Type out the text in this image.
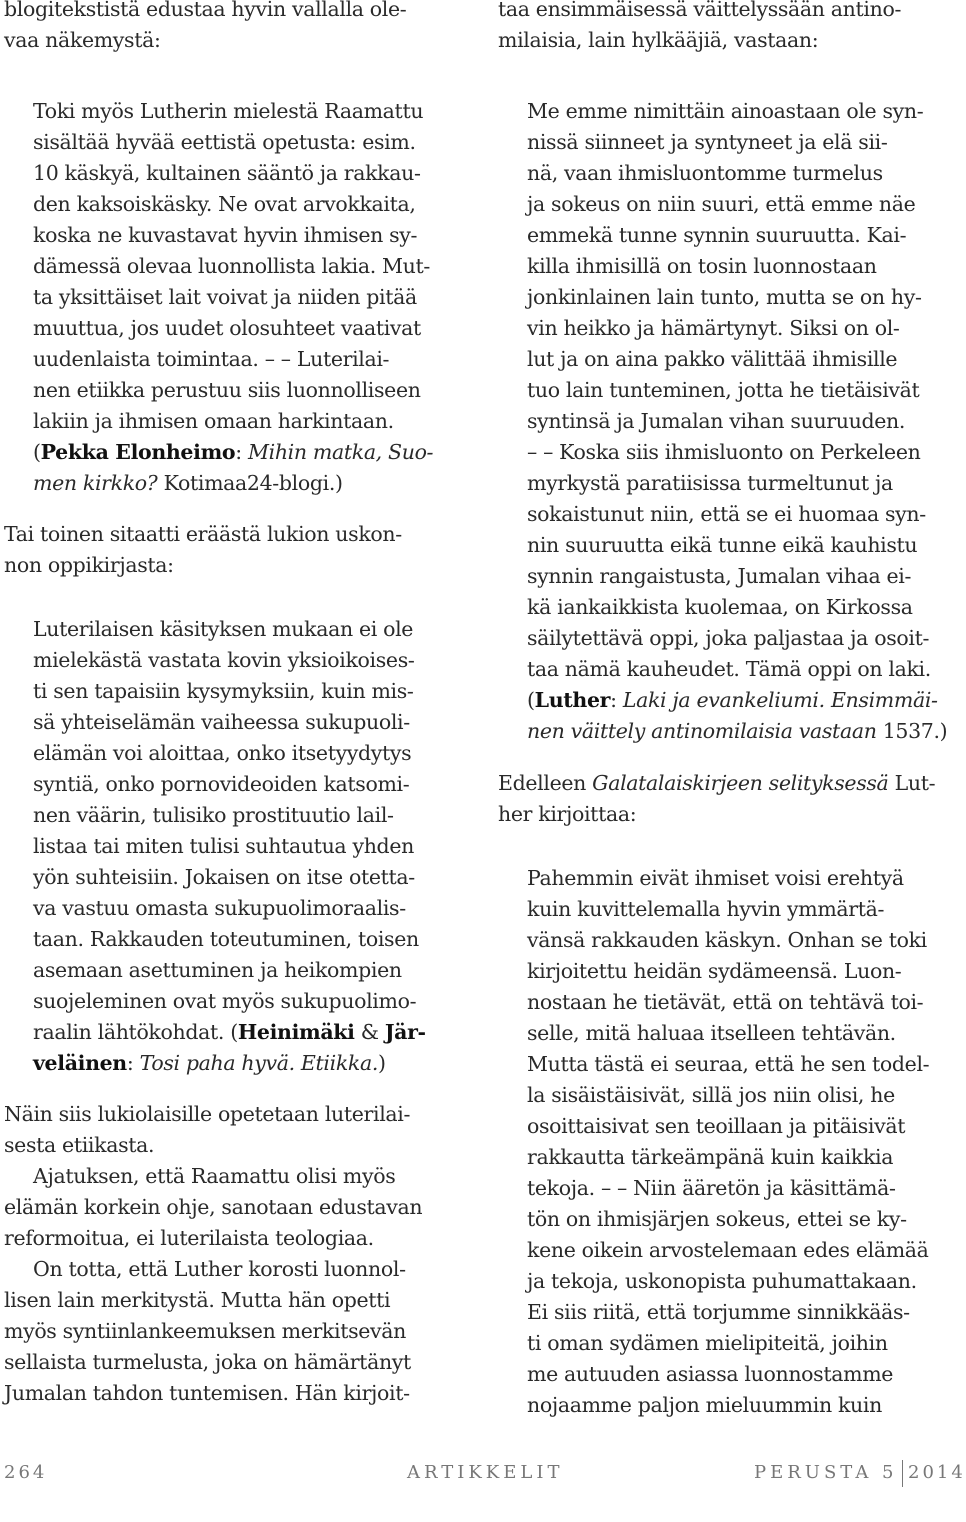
blogitekstistä edustaa hyvin vallalla ole-
vaa näkemystä:
Toki myös Lutherin mielestä Raamattu
sisältää hyvää eettistä opetusta: esim.
10 käskyä, kultainen sääntö ja rakkau-
den kaksoiskäsky. Ne ovat arvokkaita,
koska ne kuvastavat hyvin ihmisen sy-
dämessä olevaa luonnollista lakia. Mut-
ta yksittäiset lait voivat ja niiden pitää
muuttua, jos uudet olosuhteet vaativat
uudenlaista toimintaa. – – Luterilai-
nen etiikka perustuu siis luonnolliseen
lakiin ja ihmisen omaan harkintaan.
(Pekka Elonheimo: Mihin matka, Suo-
men kirkko? Kotimaa24-blogi.)
Tai toinen sitaatti eräästä lukion uskon-
non oppikirjasta:
Luterilaisen käsityksen mukaan ei ole
mielekästä vastata kovin yksioikoises-
ti sen tapaisiin kysymyksiin, kuin mis-
sä yhteiselämän vaiheessa sukupuoli-
elämän voi aloittaa, onko itsetyydytys
syntiä, onko pornovideoiden katsomi-
nen väärin, tulisiko prostituutio lail-
listaa tai miten tulisi suhtautua yhden
yön suhteisiin. Jokaisen on itse otetta-
va vastuu omasta sukupuolimoraalis-
taan. Rakkauden toteutuminen, toisen
asemaan asettuminen ja heikompien
suojeleminen ovat myös sukupuolimo-
raalin lähtökohdat. (Heinimäki & Jär-
veläinen: Tosi paha hyvä. Etiikka.)
Näin siis lukiolaisille opetetaan luterilai-
sesta etiikasta.
Ajatuksen, että Raamattu olisi myös
elämän korkein ohje, sanotaan edustavan
reformoitua, ei luterilaista teologiaa.
On totta, että Luther korosti luonnol-
lisen lain merkitystä. Mutta hän opetti
myös syntiinlankeemuksen merkitsevän
sellaista turmelusta, joka on hämärtänyt
Jumalan tahdon tuntemisen. Hän kirjoit-
taa ensimmäisessä väittelyssään antino-
milaisia, lain hylkääjiä, vastaan:
Me emme nimittäin ainoastaan ole syn-
nissä siinneet ja syntyneet ja elä sii-
nä, vaan ihmisluontomme turmelus
ja sokeus on niin suuri, että emme näe
emmekä tunne synnin suuruutta. Kai-
killa ihmisillä on tosin luonnostaan
jonkinlainen lain tunto, mutta se on hy-
vin heikko ja hämärtynyt. Siksi on ol-
lut ja on aina pakko välittää ihmisille
tuo lain tunteminen, jotta he tietäisivät
syntinsä ja Jumalan vihan suuruuden.
– – Koska siis ihmisluonto on Perkeleen
myrkystä paratiisissa turmeltunut ja
sokaistunut niin, että se ei huomaa syn-
nin suuruutta eikä tunne eikä kauhistu
synnin rangaistusta, Jumalan vihaa ei-
kä iankaikkista kuolemaa, on Kirkossa
säilytettävä oppi, joka paljastaa ja osoit-
taa nämä kauheudet. Tämä oppi on laki.
(Luther: Laki ja evankeliumi. Ensimmäi-
nen väittely antinomilaisia vastaan 1537.)
Edelleen Galatalaiskirjeen selityksessä Lut-
her kirjoittaa:
Pahemmin eivät ihmiset voisi erehtyä
kuin kuvittelemalla hyvin ymmärtä-
vänsä rakkauden käskyn. Onhan se toki
kirjoitettu heidän sydämeensä. Luon-
nostaan he tietävät, että on tehtävä toi-
selle, mitä haluaa itselleen tehtävän.
Mutta tästä ei seuraa, että he sen todel-
la sisäistäisivät, sillä jos niin olisi, he
osoittaisivat sen teoillaan ja pitäisivät
rakkautta tärkeämpänä kuin kaikkia
tekoja. – – Niin ääretön ja käsittämä-
tön on ihmisjärjen sokeus, ettei se ky-
kene oikein arvostelemaan edes elämää
ja tekoja, uskonopista puhumattakaan.
Ei siis riitä, että torjumme sinnikkääs-
ti oman sydämen mielipiteitä, joihin
me autuuden asiassa luonnostamme
nojaamme paljon mieluummin kuin
264	ARTIKKELIT	PERUSTA 5 2014
